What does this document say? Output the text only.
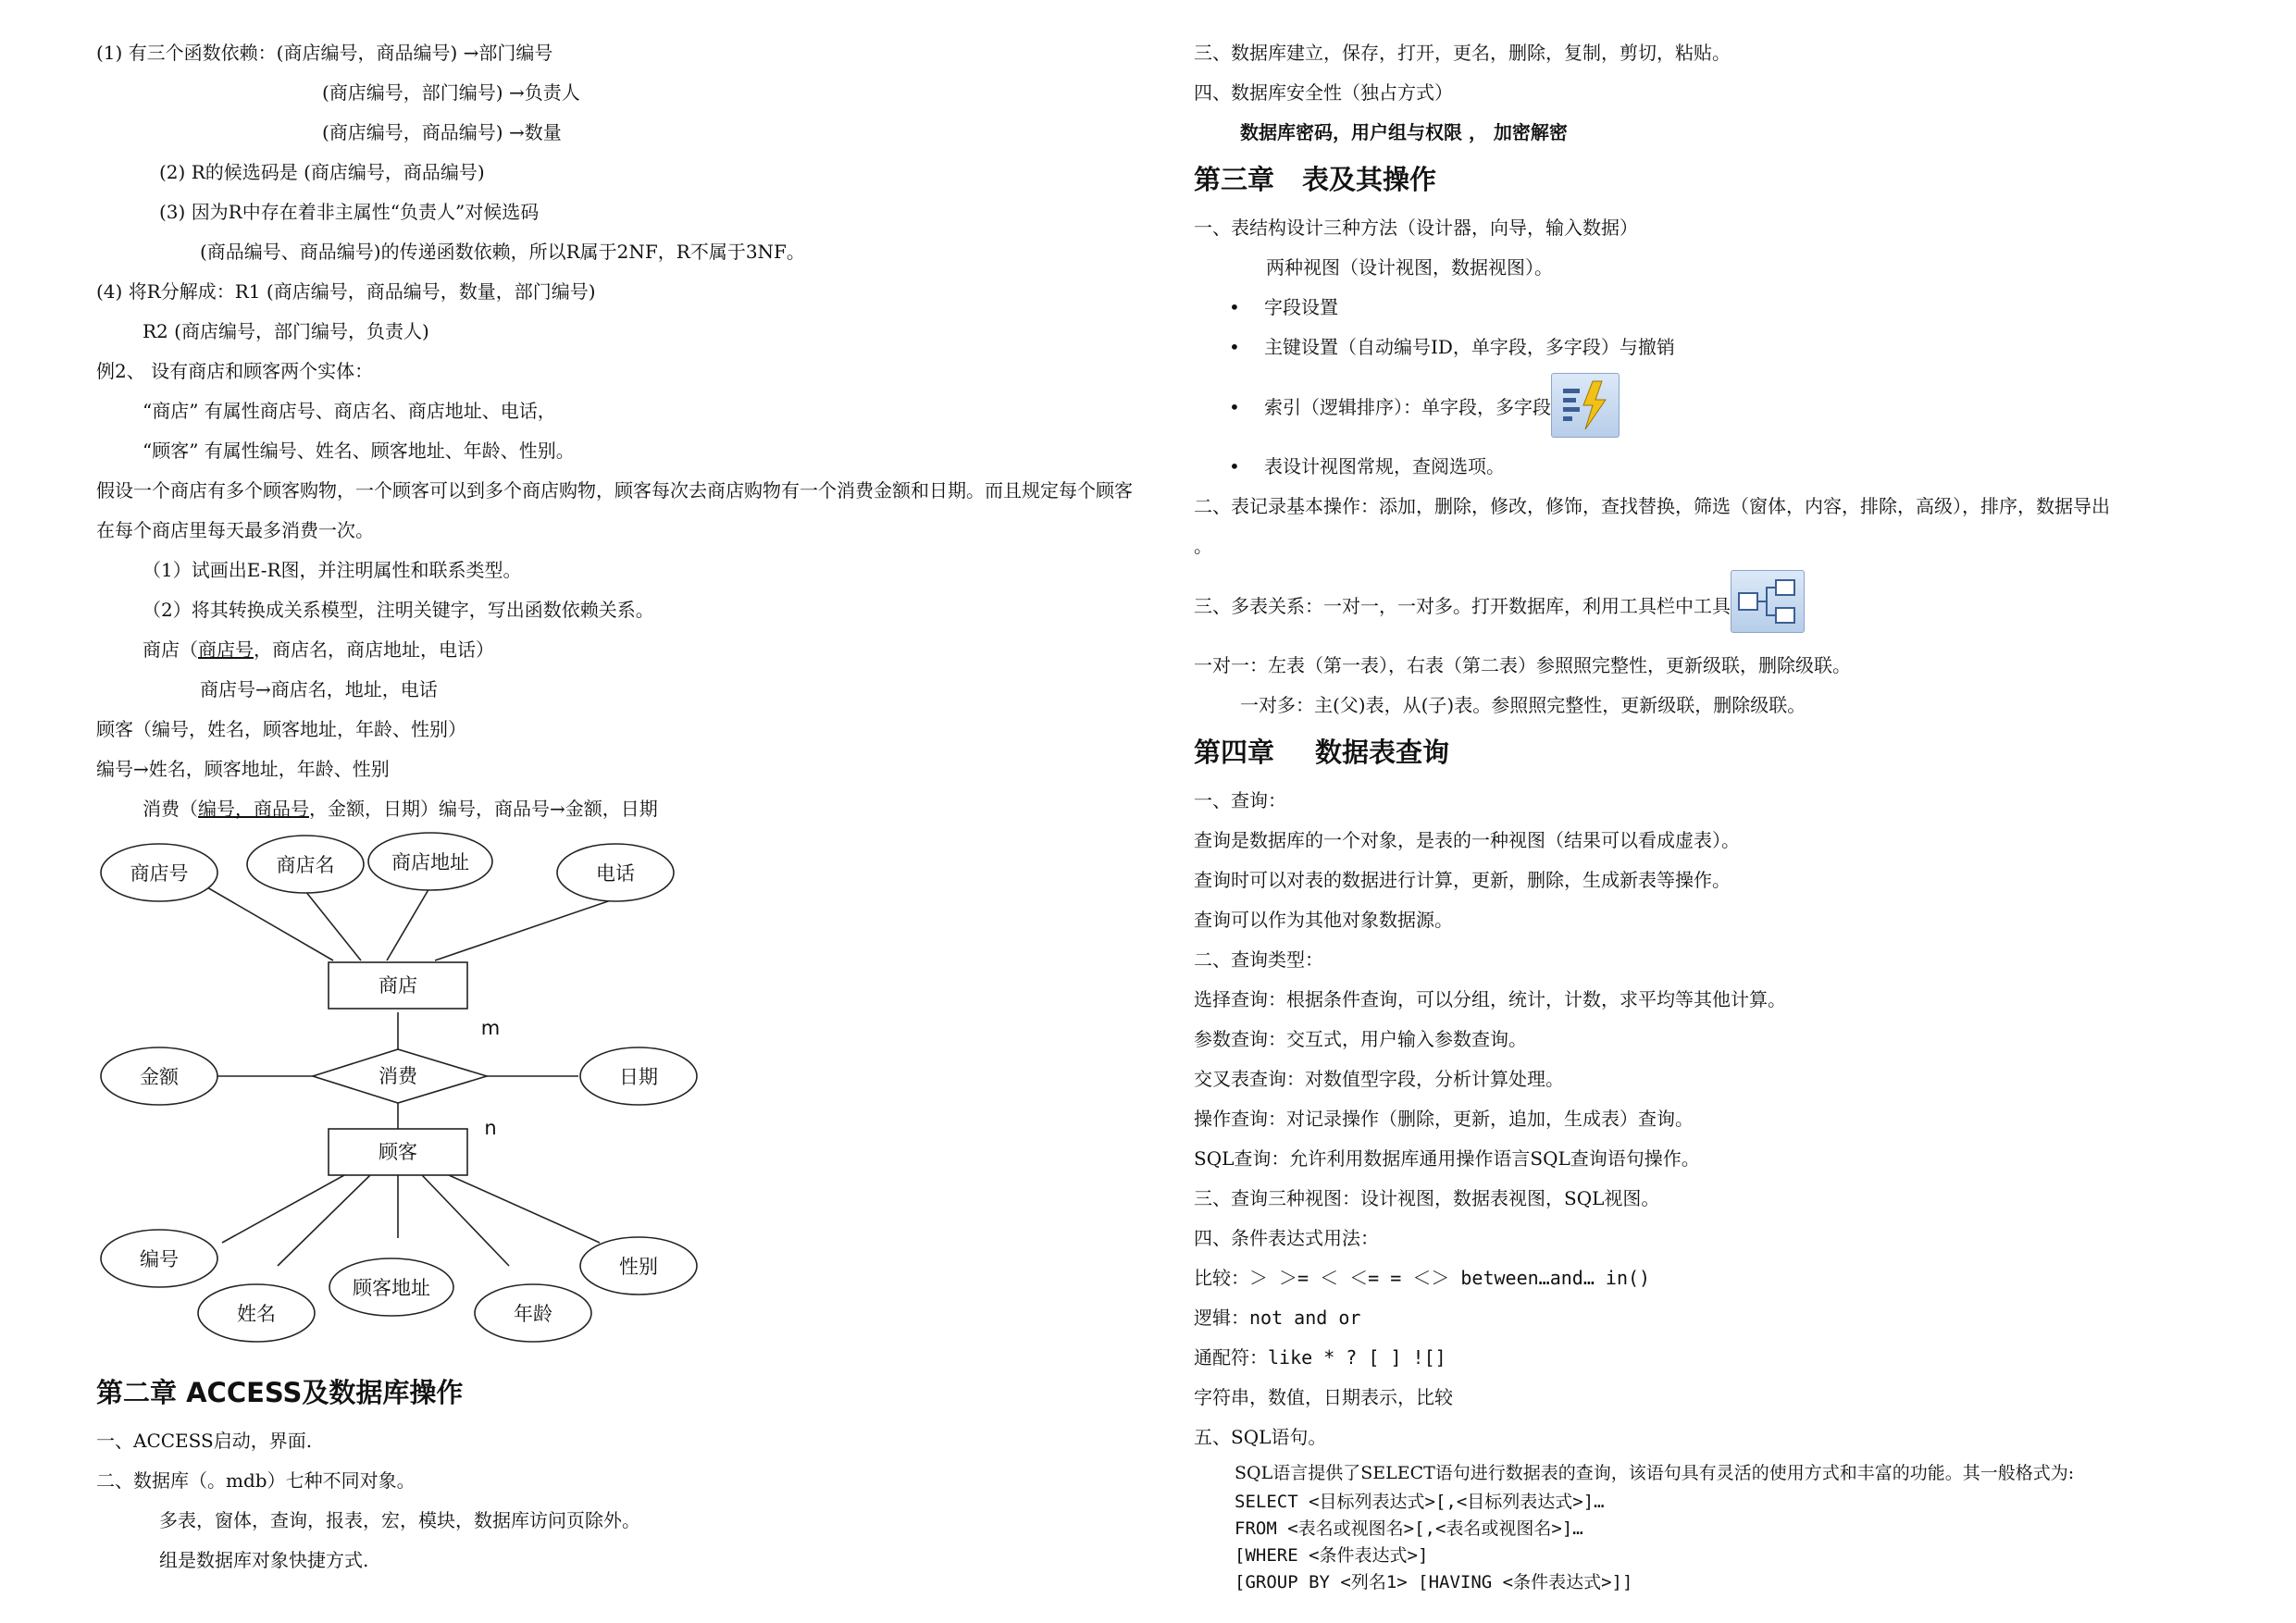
(1) 有三个函数依赖：(商店编号，商品编号) →部门编号
(商店编号，部门编号) →负责人
(商店编号，商品编号) →数量
(2) R的候选码是 (商店编号，商品编号)
(3) 因为R中存在着非主属性“负责人”对候选码
(商品编号、商品编号)的传递函数依赖，所以R属于2NF，R不属于3NF。
(4) 将R分解成：R1 (商店编号，商品编号，数量，部门编号)
R2 (商店编号，部门编号，负责人)
例2、 设有商店和顾客两个实体：
“商店” 有属性商店号、商店名、商店地址、电话，
“顾客” 有属性编号、姓名、顾客地址、年龄、性别。
假设一个商店有多个顾客购物，一个顾客可以到多个商店购物，顾客每次去商店购物有一个消费金额和日期。而且规定每个顾客在每个商店里每天最多消费一次。
（1）试画出E-R图，并注明属性和联系类型。
（2）将其转换成关系模型，注明关键字，写出函数依赖关系。
商店（商店号，商店名，商店地址，电话）
商店号→商店名，地址，电话
顾客（编号，姓名，顾客地址，年龄、性别）
编号→姓名，顾客地址，年龄、性别
消费（编号，商品号，金额，日期）编号，商品号→金额，日期
第二章 ACCESS及数据库操作
一、ACCESS启动，界面.
二、数据库（。mdb）七种不同对象。
多表，窗体，查询，报表，宏，模块，数据库访问页除外。
组是数据库对象快捷方式.
商店号	商店名	商店地址	电话
商店
消费
金额	日期
m
n
顾客
编号
姓名
顾客地址
年龄
性别
三、数据库建立，保存，打开，更名，删除，复制，剪切，粘贴。
四、数据库安全性（独占方式）
数据库密码，用户组与权限 ， 加密解密
第三章 表及其操作
一、表结构设计三种方法（设计器，向导，输入数据）
两种视图（设计视图，数据视图）。
• 字段设置
• 主键设置（自动编号ID，单字段，多字段）与撤销
• 索引（逻辑排序）：单字段，多字段
• 表设计视图常规，查阅选项。
二、表记录基本操作：添加，删除，修改，修饰，查找替换，筛选（窗体，内容，排除，高级），排序，数据导出
。
三、多表关系：一对一，一对多。打开数据库，利用工具栏中工具
一对一：左表（第一表），右表（第二表）参照照完整性，更新级联，删除级联。
一对多：主(父)表，从(子)表。参照照完整性，更新级联，删除级联。
第四章 数据表查询
一、查询：
查询是数据库的一个对象，是表的一种视图（结果可以看成虚表）。
查询时可以对表的数据进行计算，更新，删除，生成新表等操作。
查询可以作为其他对象数据源。
二、查询类型：
选择查询：根据条件查询，可以分组，统计，计数，求平均等其他计算。
参数查询：交互式，用户输入参数查询。
交叉表查询：对数值型字段，分析计算处理。
操作查询：对记录操作（删除，更新，追加，生成表）查询。
SQL查询：允许利用数据库通用操作语言SQL查询语句操作。
三、查询三种视图：设计视图，数据表视图，SQL视图。
四、条件表达式用法：
比较：＞ ＞= ＜ ＜= = ＜＞ between…and… in()
逻辑：not and or
通配符：like * ? [ ] ![]
字符串，数值，日期表示，比较
五、SQL语句。
SQL语言提供了SELECT语句进行数据表的查询，该语句具有灵活的使用方式和丰富的功能。其一般格式为:
SELECT <目标列表达式>[,<目标列表达式>]…
FROM <表名或视图名>[,<表名或视图名>]…
[WHERE <条件表达式>]
[GROUP BY <列名1> [HAVING <条件表达式>]]
